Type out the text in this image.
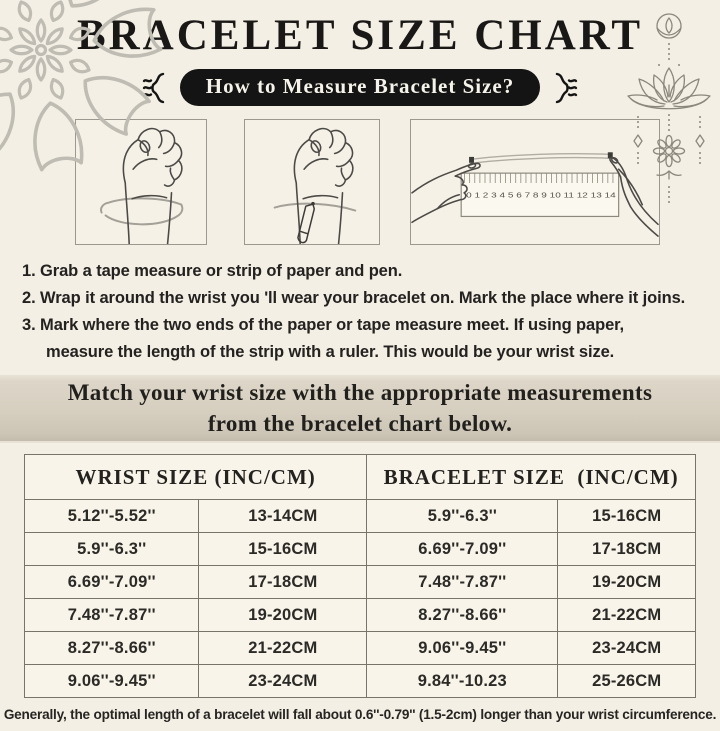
BRACELET SIZE CHART
How to Measure Bracelet Size?
0 1 2 3 4 5 6 7 8 9 10 11 12 13 14
1. Grab a tape measure or strip of paper and pen.
2. Wrap it around the wrist you 'll wear your bracelet on. Mark the place where it joins.
3. Mark where the two ends of the paper or tape measure meet. If using paper, measure the length of the strip with a ruler. This would be your wrist size.
Match your wrist size with the appropriate measurements from the bracelet chart below.
WRIST SIZE (INC/CM)		BRACELET SIZE  (INC/CM)	
5.12''-5.52''	13-14CM	5.9''-6.3''	15-16CM
5.9''-6.3''	15-16CM	6.69''-7.09''	17-18CM
6.69''-7.09''	17-18CM	7.48''-7.87''	19-20CM
7.48''-7.87''	19-20CM	8.27''-8.66''	21-22CM
8.27''-8.66''	21-22CM	9.06''-9.45''	23-24CM
9.06''-9.45''	23-24CM	9.84''-10.23	25-26CM
Generally, the optimal length of a bracelet will fall about 0.6''-0.79'' (1.5-2cm) longer than your wrist circumference.
